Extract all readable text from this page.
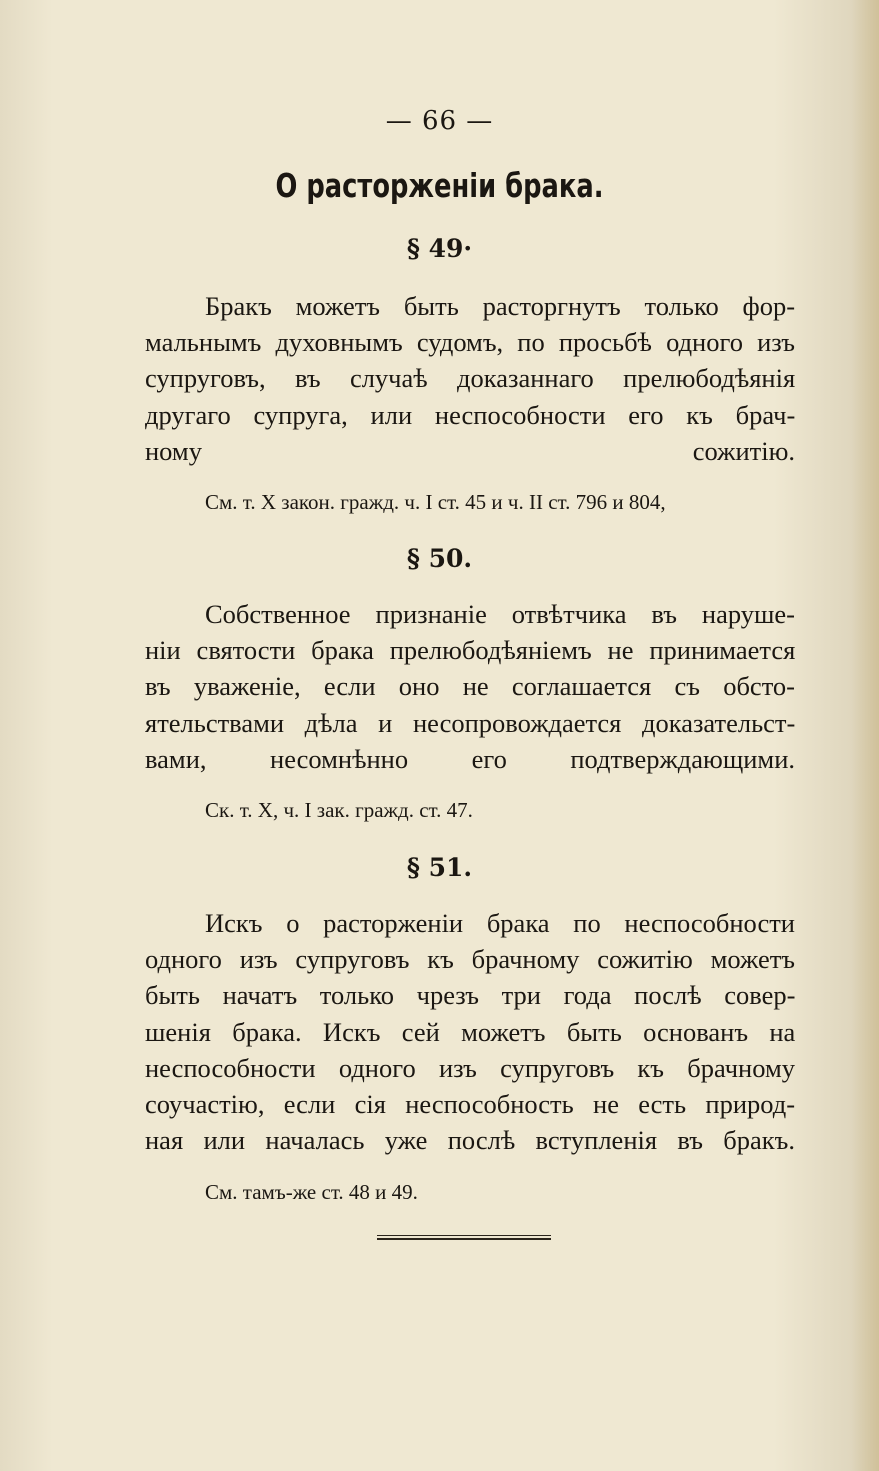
— 66 —
О расторженіи брака.
§ 49·
Бракъ можетъ быть расторгнутъ только фор-
мальнымъ духовнымъ судомъ, по просьбѣ одного изъ
супруговъ, въ случаѣ доказаннаго прелюбодѣянія
другаго супруга, или неспособности его къ брач-
ному сожитію.
См. т. X закон. гражд. ч. I ст. 45 и ч. II ст. 796 и 804,
§ 50.
Собственное признаніе отвѣтчика въ наруше-
ніи святости брака прелюбодѣяніемъ не принимается
въ уваженіе, если оно не соглашается съ обсто-
ятельствами дѣла и несопровождается доказательст-
вами, несомнѣнно его подтверждающими.
Ск. т. X, ч. I зак. гражд. ст. 47.
§ 51.
Искъ о расторженіи брака по неспособности
одного изъ супруговъ къ брачному сожитію можетъ
быть начатъ только чрезъ три года послѣ совер-
шенія брака. Искъ сей можетъ быть основанъ на
неспособности одного изъ супруговъ къ брачному
соучастію, если сія неспособность не есть природ-
ная или началась уже послѣ вступленія въ бракъ.
См. тамъ-же ст. 48 и 49.
